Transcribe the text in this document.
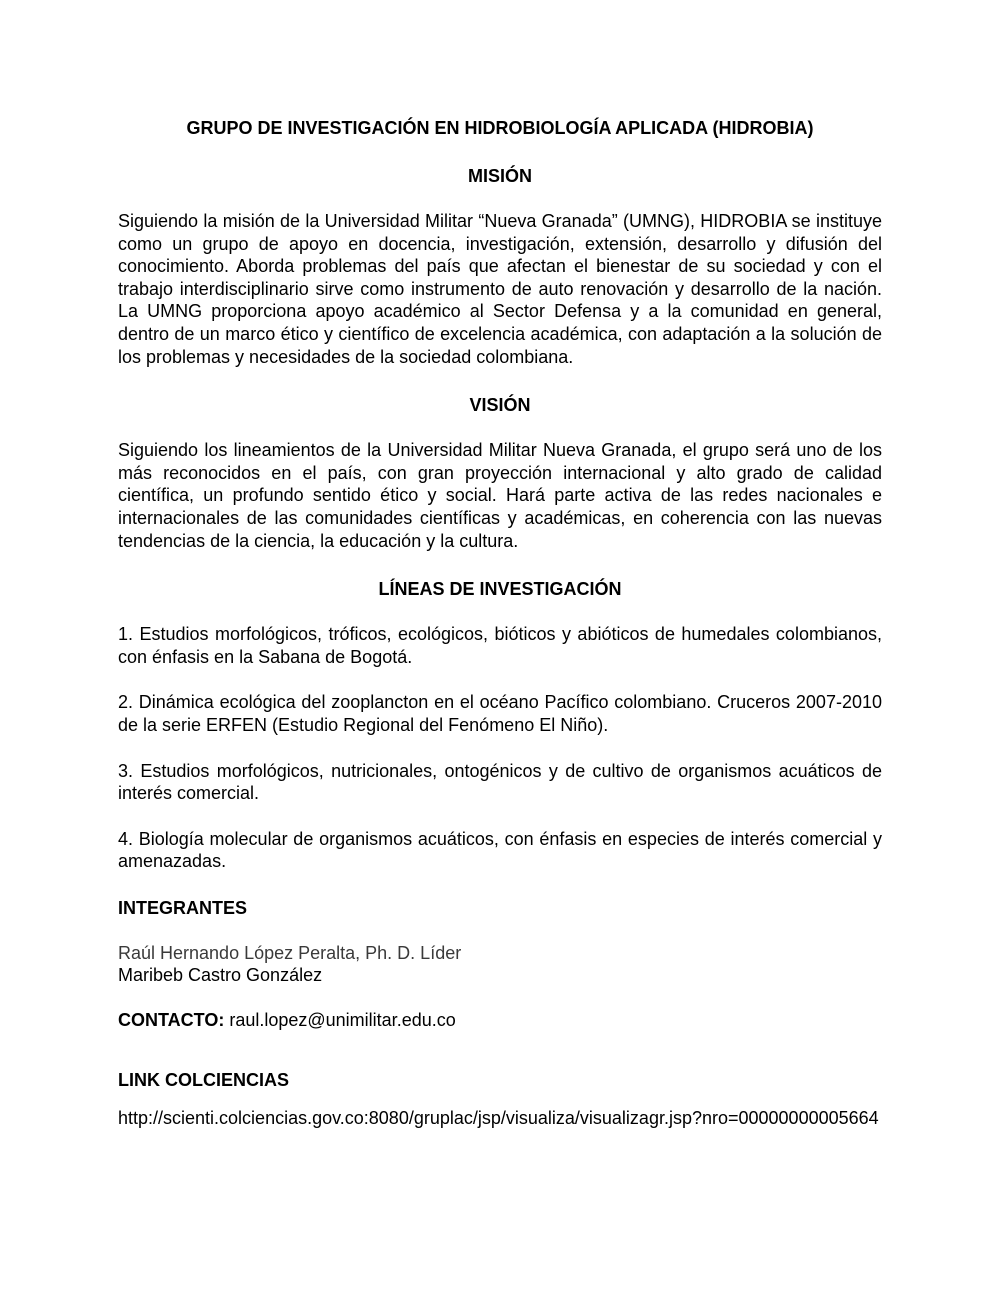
GRUPO DE INVESTIGACIÓN EN HIDROBIOLOGÍA APLICADA (HIDROBIA)
MISIÓN

Siguiendo la misión de la Universidad Militar “Nueva Granada” (UMNG), HIDROBIA se instituye como un grupo de apoyo en docencia, investigación, extensión, desarrollo y difusión del conocimiento. Aborda problemas del país que afectan el bienestar de su sociedad y con el trabajo interdisciplinario sirve como instrumento de auto renovación y desarrollo de la nación. La UMNG proporciona apoyo académico al Sector Defensa y a la comunidad en general, dentro de un marco ético y científico de excelencia académica, con adaptación a la solución de los problemas y necesidades de la sociedad colombiana.

VISIÓN

Siguiendo los lineamientos de la Universidad Militar Nueva Granada, el grupo será uno de los más reconocidos en el país, con gran proyección internacional y alto grado de calidad científica, un profundo sentido ético y social. Hará parte activa de las redes nacionales e internacionales de las comunidades científicas y académicas, en coherencia con las nuevas tendencias de la ciencia, la educación y la cultura.

LÍNEAS DE INVESTIGACIÓN

1. Estudios morfológicos, tróficos, ecológicos, bióticos y abióticos de humedales colombianos, con énfasis en la Sabana de Bogotá.

2. Dinámica ecológica del zooplancton en el océano Pacífico colombiano. Cruceros 2007-2010 de la serie ERFEN (Estudio Regional del Fenómeno El Niño).

3. Estudios morfológicos, nutricionales, ontogénicos y de cultivo de organismos acuáticos de interés comercial.

4. Biología molecular de organismos acuáticos, con énfasis en especies de interés comercial y amenazadas.

INTEGRANTES
Raúl Hernando López Peralta, Ph. D. Líder
Maribeb Castro González
CONTACTO: raul.lopez@unimilitar.edu.co
LINK COLCIENCIAS

http://scienti.colciencias.gov.co:8080/gruplac/jsp/visualiza/visualizagr.jsp?nro=00000000005664
